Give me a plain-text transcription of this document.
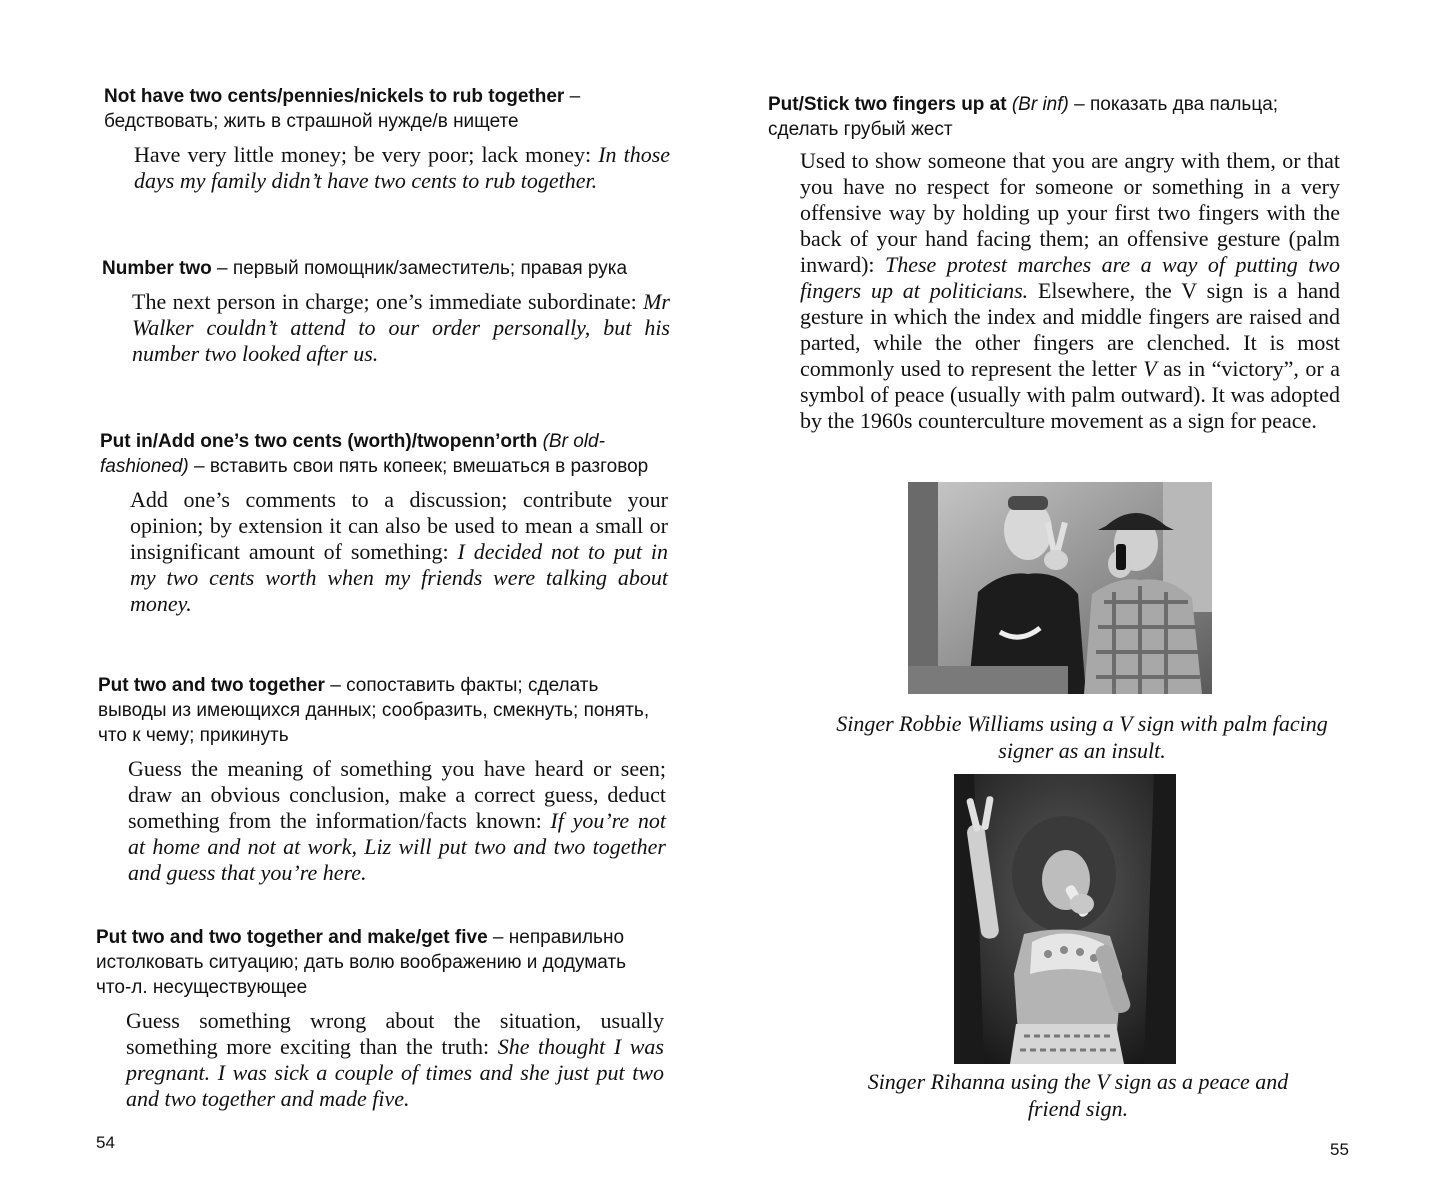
Not have two cents/pennies/nickels to rub together – бедствовать; жить в страшной нужде/в нищете

Have very little money; be very poor; lack money: In those days my family didn’t have two cents to rub together.

Number two – первый помощник/заместитель; правая рука

The next person in charge; one’s immediate subordinate: Mr Walker couldn’t attend to our order personally, but his number two looked after us.

Put in/Add one’s two cents (worth)/twopenn’orth (Br old-fashioned) – вставить свои пять копеек; вмешаться в разговор

Add one’s comments to a discussion; contribute your opinion; by extension it can also be used to mean a small or insignificant amount of something: I decided not to put in my two cents worth when my friends were talking about money.

Put two and two together – сопоставить факты; сделать выводы из имеющихся данных; сообразить, смекнуть; понять, что к чему; прикинуть

Guess the meaning of something you have heard or seen; draw an obvious conclusion, make a correct guess, deduct something from the information/facts known: If you’re not at home and not at work, Liz will put two and two together and guess that you’re here.

Put two and two together and make/get five – неправильно истолковать ситуацию; дать волю воображению и додумать что-л. несуществующее

Guess something wrong about the situation, usually something more exciting than the truth: She thought I was pregnant. I was sick a couple of times and she just put two and two together and made five.

54

Put/Stick two fingers up at (Br inf) – показать два пальца; сделать грубый жест

Used to show someone that you are angry with them, or that you have no respect for someone or something in a very offensive way by holding up your first two fingers with the back of your hand facing them; an offensive gesture (palm inward): These protest marches are a way of putting two fingers up at politicians. Elsewhere, the V sign is a hand gesture in which the index and middle fingers are raised and parted, while the other fingers are clenched. It is most commonly used to represent the letter V as in “victory”, or a symbol of peace (usually with palm outward). It was adopted by the 1960s counterculture movement as a sign for peace.

Singer Robbie Williams using a V sign with palm facing signer as an insult.

Singer Rihanna using the V sign as a peace and friend sign.

55
